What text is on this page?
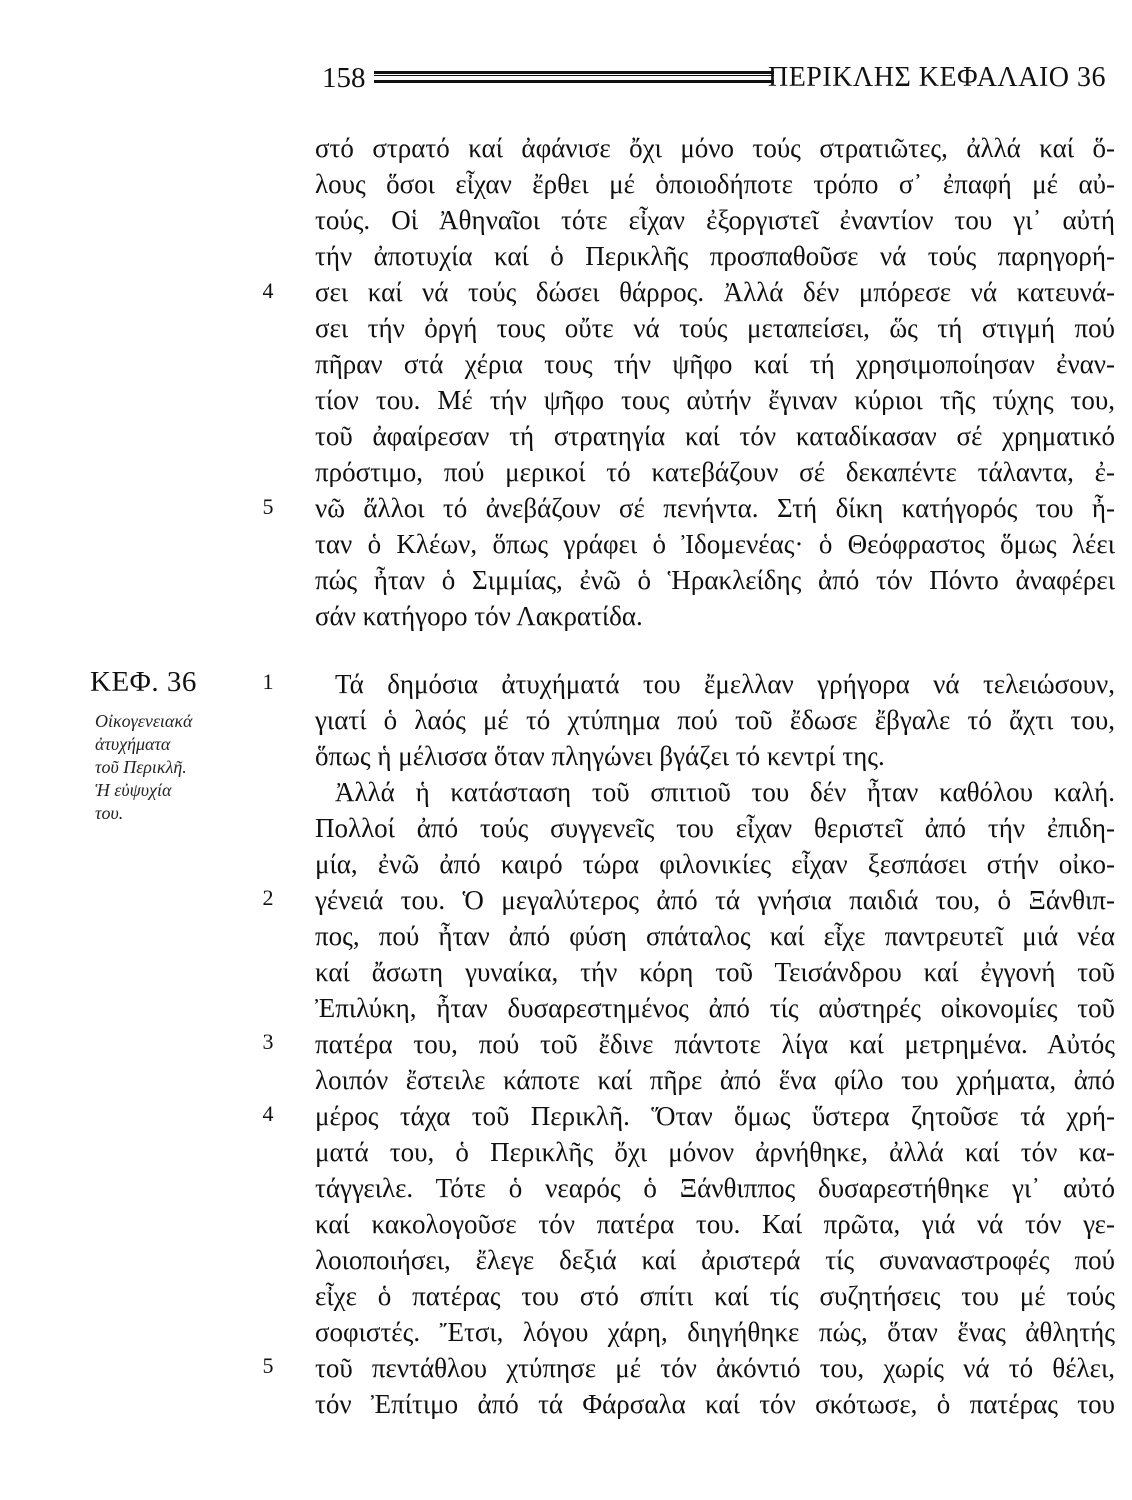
158	ΠΕΡΙΚΛΗΣ ΚΕΦΑΛΑΙΟ 36
στό στρατό καί ἀφάνισε ὄχι μόνο τούς στρατιῶτες, ἀλλά καί ὅ-
λους ὅσοι εἶχαν ἔρθει μέ ὁποιοδήποτε τρόπο σ᾽ ἐπαφή μέ αὐ-
τούς. Οἱ Ἀθηναῖοι τότε εἶχαν ἐξοργιστεῖ ἐναντίον του γι᾽ αὐτή
τήν ἀποτυχία καί ὁ Περικλῆς προσπαθοῦσε νά τούς παρηγορή-
σει καί νά τούς δώσει θάρρος. Ἀλλά δέν μπόρεσε νά κατευνά-
σει τήν ὀργή τους οὔτε νά τούς μεταπείσει, ὥς τή στιγμή πού
πῆραν στά χέρια τους τήν ψῆφο καί τή χρησιμοποίησαν ἐναν-
τίον του. Μέ τήν ψῆφο τους αὐτήν ἔγιναν κύριοι τῆς τύχης του,
τοῦ ἀφαίρεσαν τή στρατηγία καί τόν καταδίκασαν σέ χρηματικό
πρόστιμο, πού μερικοί τό κατεβάζουν σέ δεκαπέντε τάλαντα, ἐ-
νῶ ἄλλοι τό ἀνεβάζουν σέ πενήντα. Στή δίκη κατήγορός του ἦ-
ταν ὁ Κλέων, ὅπως γράφει ὁ Ἰδομενέας· ὁ Θεόφραστος ὅμως λέει
πώς ἦταν ὁ Σιμμίας, ἐνῶ ὁ Ἡρακλείδης ἀπό τόν Πόντο ἀναφέρει
σάν κατήγορο τόν Λακρατίδα.
4
5
ΚΕΦ. 36
Οἰκογενειακά
ἀτυχήματα
τοῦ Περικλῆ.
Ἡ εὐψυχία
του.
Τά δημόσια ἀτυχήματά του ἔμελλαν γρήγορα νά τελειώσουν,
γιατί ὁ λαός μέ τό χτύπημα πού τοῦ ἔδωσε ἔβγαλε τό ἄχτι του,
ὅπως ἡ μέλισσα ὅταν πληγώνει βγάζει τό κεντρί της.
Ἀλλά ἡ κατάσταση τοῦ σπιτιοῦ του δέν ἦταν καθόλου καλή.
Πολλοί ἀπό τούς συγγενεῖς του εἶχαν θεριστεῖ ἀπό τήν ἐπιδη-
μία, ἐνῶ ἀπό καιρό τώρα φιλονικίες εἶχαν ξεσπάσει στήν οἰκο-
γένειά του. Ὁ μεγαλύτερος ἀπό τά γνήσια παιδιά του, ὁ Ξάνθιπ-
πος, πού ἦταν ἀπό φύση σπάταλος καί εἶχε παντρευτεῖ μιά νέα
καί ἄσωτη γυναίκα, τήν κόρη τοῦ Τεισάνδρου καί ἐγγονή τοῦ
Ἐπιλύκη, ἦταν δυσαρεστημένος ἀπό τίς αὐστηρές οἰκονομίες τοῦ
πατέρα του, πού τοῦ ἔδινε πάντοτε λίγα καί μετρημένα. Αὐτός
λοιπόν ἔστειλε κάποτε καί πῆρε ἀπό ἕνα φίλο του χρήματα, ἀπό
μέρος τάχα τοῦ Περικλῆ. Ὅταν ὅμως ὕστερα ζητοῦσε τά χρή-
ματά του, ὁ Περικλῆς ὄχι μόνον ἀρνήθηκε, ἀλλά καί τόν κα-
τάγγειλε. Τότε ὁ νεαρός ὁ Ξάνθιππος δυσαρεστήθηκε γι᾽ αὐτό
καί κακολογοῦσε τόν πατέρα του. Καί πρῶτα, γιά νά τόν γε-
λοιοποιήσει, ἔλεγε δεξιά καί ἀριστερά τίς συναναστροφές πού
εἶχε ὁ πατέρας του στό σπίτι καί τίς συζητήσεις του μέ τούς
σοφιστές. Ἔτσι, λόγου χάρη, διηγήθηκε πώς, ὅταν ἕνας ἀθλητής
τοῦ πεντάθλου χτύπησε μέ τόν ἀκόντιό του, χωρίς νά τό θέλει,
τόν Ἐπίτιμο ἀπό τά Φάρσαλα καί τόν σκότωσε, ὁ πατέρας του
1
2
3
4
5
